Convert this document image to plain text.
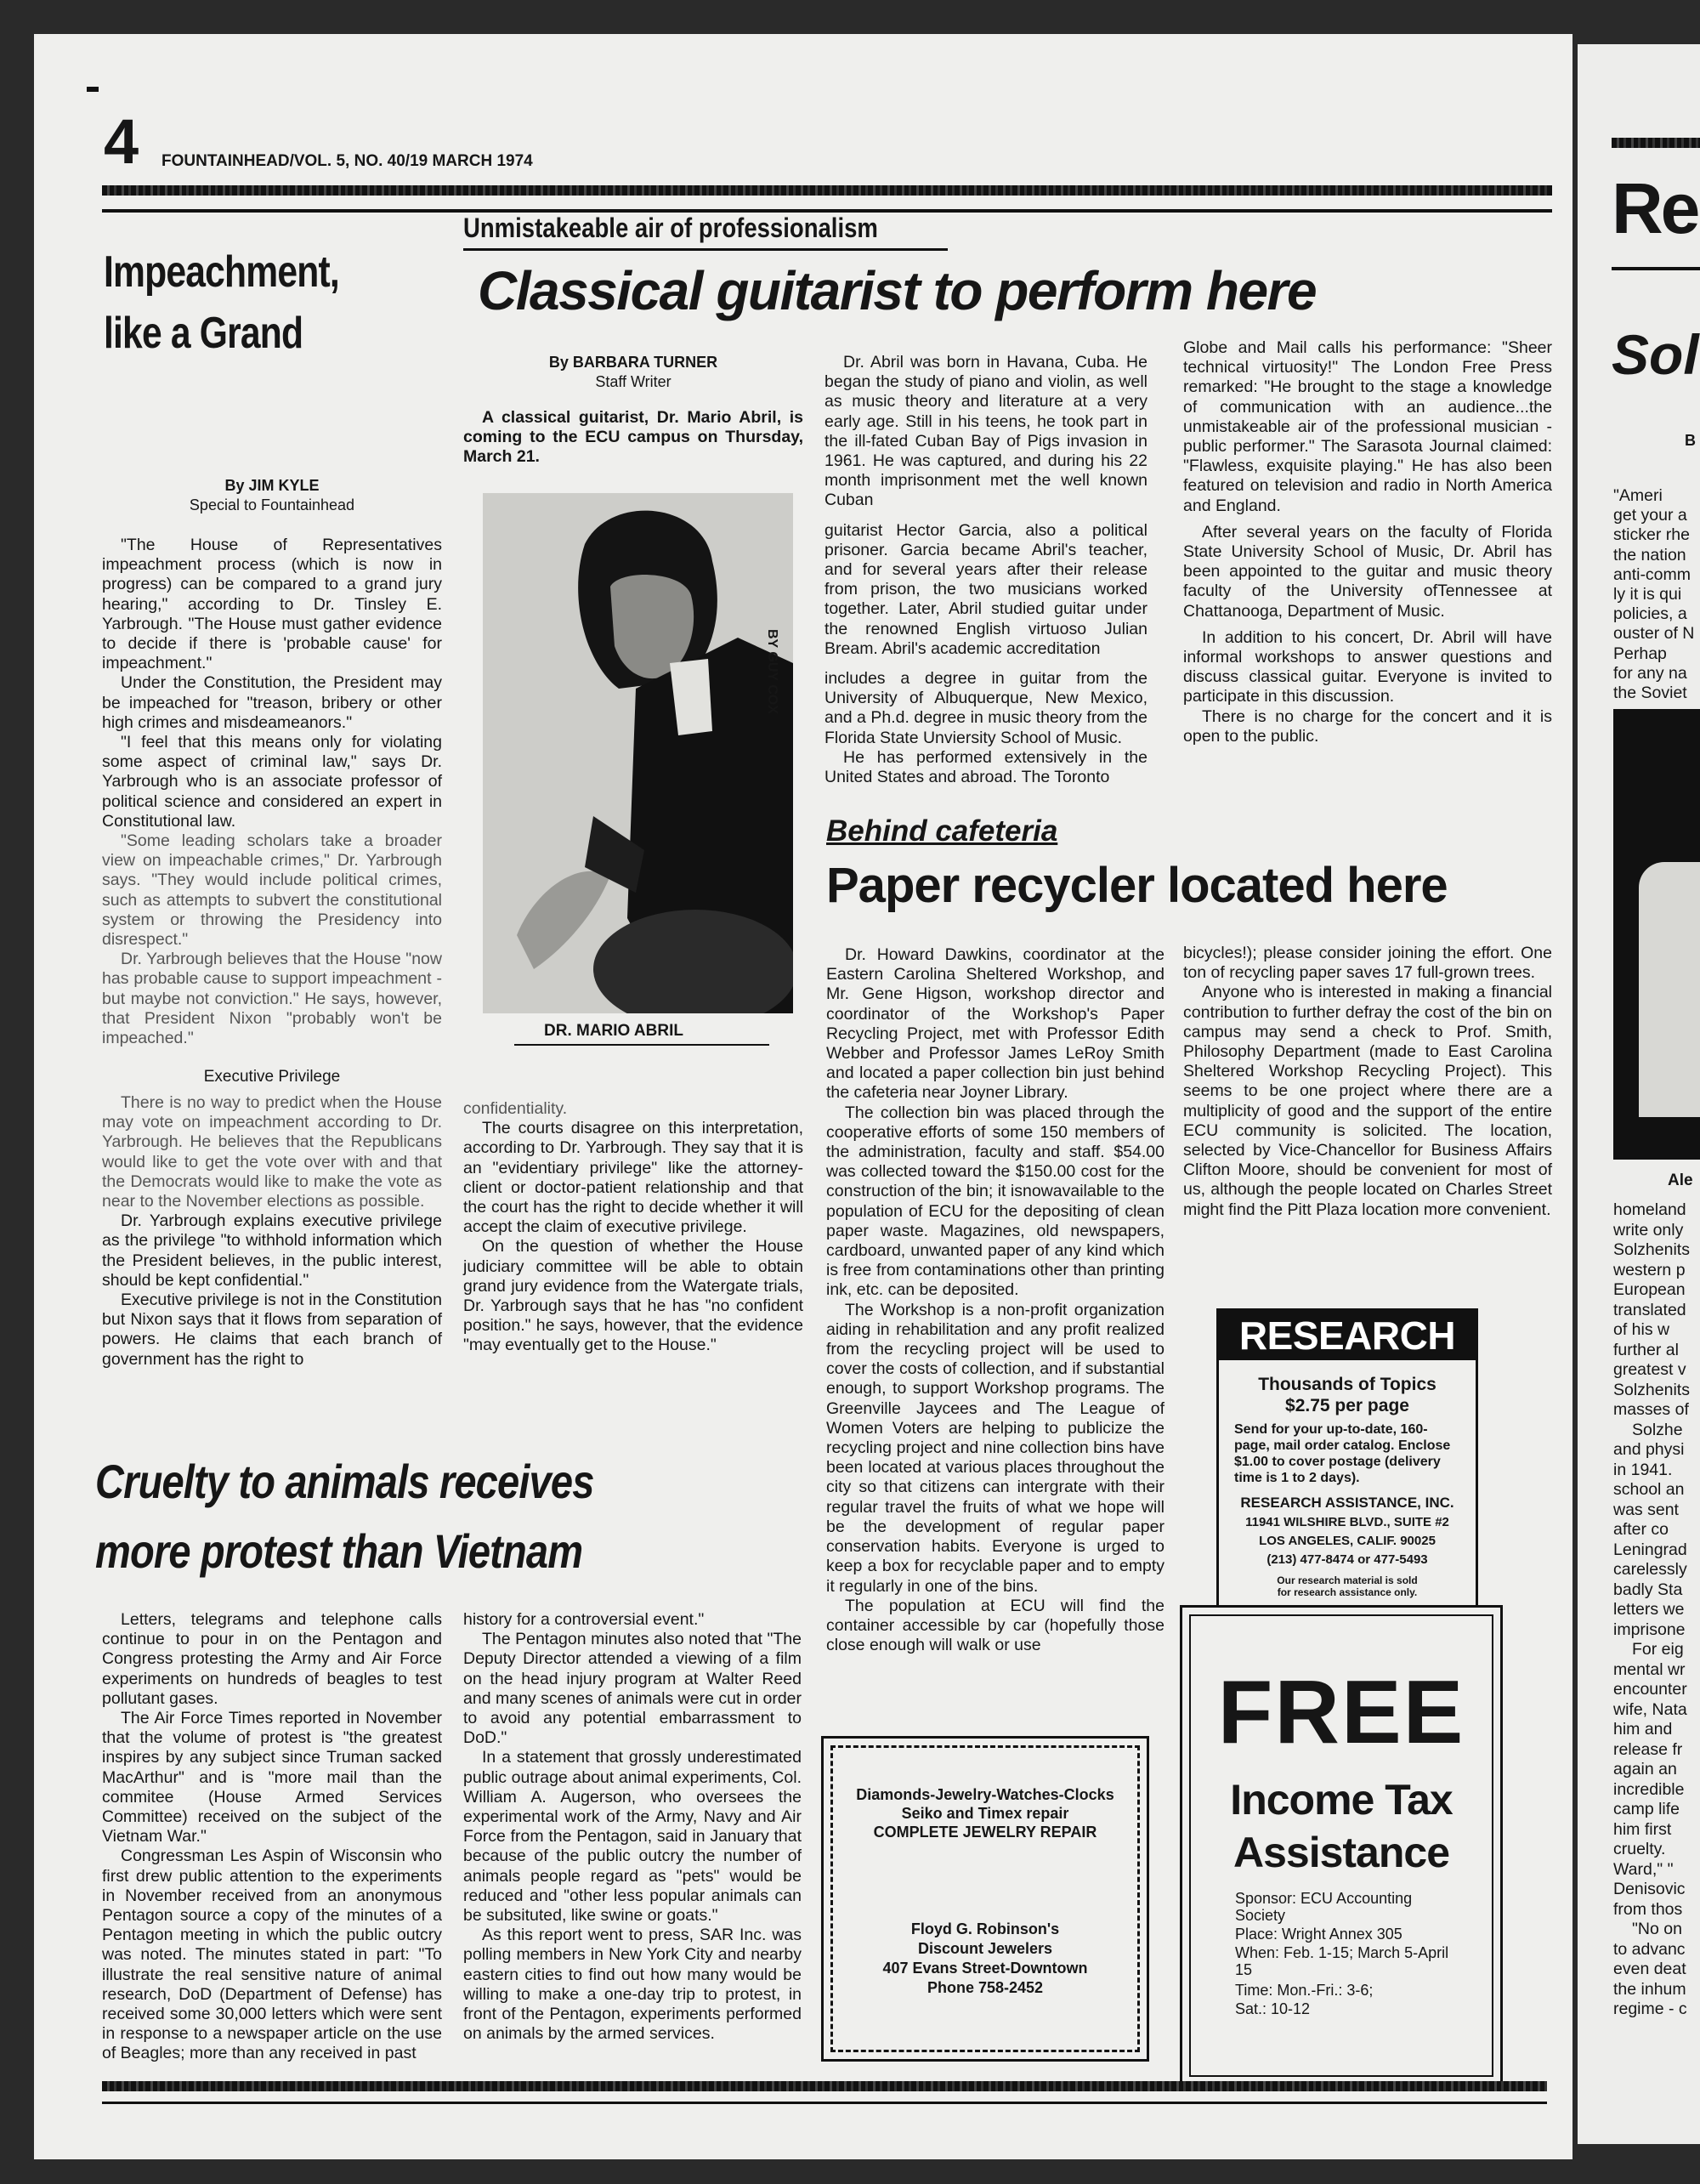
4 FOUNTAINHEAD/VOL. 5, NO. 40/19 MARCH 1974
Impeachment,
like a Grand
By JIM KYLE
Special to Fountainhead

"The House of Representatives impeachment process (which is now in progress) can be compared to a grand jury hearing," according to Dr. Tinsley E. Yarbrough. "The House must gather evidence to decide if there is 'probable cause' for impeachment."

Under the Constitution, the President may be impeached for "treason, bribery or other high crimes and misdeameanors."

"I feel that this means only for violating some aspect of criminal law," says Dr. Yarbrough who is an associate professor of political science and considered an expert in Constitutional law.

"Some leading scholars take a broader view on impeachable crimes," Dr. Yarbrough says. "They would include political crimes, such as attempts to subvert the constitutional system or throwing the Presidency into disrespect."

Dr. Yarbrough believes that the House "now has probable cause to support impeachment - but maybe not conviction." He says, however, that President Nixon "probably won't be impeached."

Executive Privilege

There is no way to predict when the House may vote on impeachment according to Dr. Yarbrough. He believes that the Republicans would like to get the vote over with and that the Democrats would like to make the vote as near to the November elections as possible.

Dr. Yarbrough explains executive privilege as the privilege "to withhold information which the President believes, in the public interest, should be kept confidential."

Executive privilege is not in the Constitution but Nixon says that it flows from separation of powers. He claims that each branch of government has the right to

confidentiality.

The courts disagree on this interpretation, according to Dr. Yarbrough. They say that it is an "evidentiary privilege" like the attorney-client or doctor-patient relationship and that the court has the right to decide whether it will accept the claim of executive privilege.

On the question of whether the House judiciary committee will be able to obtain grand jury evidence from the Watergate trials, Dr. Yarbrough says that he has "no confident position." he says, however, that the evidence "may eventually get to the House."

Unmistakeable air of professionalism
Classical guitarist to perform here
By BARBARA TURNER
Staff Writer

A classical guitarist, Dr. Mario Abril, is coming to the ECU campus on Thursday, March 21.

BY GUY COX
DR. MARIO ABRIL

Dr. Abril was born in Havana, Cuba. He began the study of piano and violin, as well as music theory and literature at a very early age. Still in his teens, he took part in the ill-fated Cuban Bay of Pigs invasion in 1961. He was captured, and during his 22 month imprisonment met the well known Cuban

guitarist Hector Garcia, also a political prisoner. Garcia became Abril's teacher, and for several years after their release from prison, the two musicians worked together. Later, Abril studied guitar under the renowned English virtuoso Julian Bream. Abril's academic accreditation

includes a degree in guitar from the University of Albuquerque, New Mexico, and a Ph.d. degree in music theory from the Florida State Unviersity School of Music.

He has performed extensively in the United States and abroad. The Toronto

Globe and Mail calls his performance: "Sheer technical virtuosity!" The London Free Press remarked: "He brought to the stage a knowledge of communication with an audience...the unmistakeable air of the professional musician - public performer." The Sarasota Journal claimed: "Flawless, exquisite playing." He has also been featured on television and radio in North America and England.

After several years on the faculty of Florida State University School of Music, Dr. Abril has been appointed to the guitar and music theory faculty of the University ofTennessee at Chattanooga, Department of Music.

In addition to his concert, Dr. Abril will have informal workshops to answer questions and discuss classical guitar. Everyone is invited to participate in this discussion.

There is no charge for the concert and it is open to the public.

Behind cafeteria
Paper recycler located here

Dr. Howard Dawkins, coordinator at the Eastern Carolina Sheltered Workshop, and Mr. Gene Higson, workshop director and coordinator of the Workshop's Paper Recycling Project, met with Professor Edith Webber and Professor James LeRoy Smith and located a paper collection bin just behind the cafeteria near Joyner Library.

The collection bin was placed through the cooperative efforts of some 150 members of the administration, faculty and staff. $54.00 was collected toward the $150.00 cost for the construction of the bin; it isnowavailable to the population of ECU for the depositing of clean paper waste. Magazines, old newspapers, cardboard, unwanted paper of any kind which is free from contaminations other than printing ink, etc. can be deposited.

The Workshop is a non-profit organization aiding in rehabilitation and any profit realized from the recycling project will be used to cover the costs of collection, and if substantial enough, to support Workshop programs. The Greenville Jaycees and The League of Women Voters are helping to publicize the recycling project and nine collection bins have been located at various places throughout the city so that citizens can intergrate with their regular travel the fruits of what we hope will be the development of regular paper conservation habits. Everyone is urged to keep a box for recyclable paper and to empty it regularly in one of the bins.

The population at ECU will find the container accessible by car (hopefully those close enough will walk or use

bicycles!); please consider joining the effort. One ton of recycling paper saves 17 full-grown trees.

Anyone who is interested in making a financial contribution to further defray the cost of the bin on campus may send a check to Prof. Smith, Philosophy Department (made to East Carolina Sheltered Workshop Recycling Project). This seems to be one project where there are a multiplicity of good and the support of the entire ECU community is solicited. The location, selected by Vice-Chancellor for Business Affairs Clifton Moore, should be convenient for most of us, although the people located on Charles Street might find the Pitt Plaza location more convenient.

RESEARCH
Thousands of Topics
$2.75 per page
Send for your up-to-date, 160-page, mail order catalog. Enclose $1.00 to cover postage (delivery time is 1 to 2 days).
RESEARCH ASSISTANCE, INC.
11941 WILSHIRE BLVD., SUITE #2
LOS ANGELES, CALIF. 90025
(213) 477-8474 or 477-5493
Our research material is sold for research assistance only.
Diamonds-Jewelry-Watches-Clocks
Seiko and Timex repair
COMPLETE JEWELRY REPAIR
Floyd G. Robinson's
Discount Jewelers
407 Evans Street-Downtown
Phone 758-2452
FREE
Income Tax
Assistance
Sponsor: ECU Accounting Society
Place: Wright Annex 305
When: Feb. 1-15; March 5-April 15
Time: Mon.-Fri.: 3-6;
Sat.: 10-12
Cruelty to animals receives
more protest than Vietnam

Letters, telegrams and telephone calls continue to pour in on the Pentagon and Congress protesting the Army and Air Force experiments on hundreds of beagles to test pollutant gases.

The Air Force Times reported in November that the volume of protest is "the greatest inspires by any subject since Truman sacked MacArthur" and is "more mail than the commitee (House Armed Services Committee) received on the subject of the Vietnam War."

Congressman Les Aspin of Wisconsin who first drew public attention to the experiments in November received from an anonymous Pentagon source a copy of the minutes of a Pentagon meeting in which the public outcry was noted. The minutes stated in part: "To illustrate the real sensitive nature of animal research, DoD (Department of Defense) has received some 30,000 letters which were sent in response to a newspaper article on the use of Beagles; more than any received in past

history for a controversial event."

The Pentagon minutes also noted that "The Deputy Director attended a viewing of a film on the head injury program at Walter Reed and many scenes of animals were cut in order to avoid any potential embarrassment to DoD."

In a statement that grossly underestimated public outrage about animal experiments, Col. William A. Augerson, who oversees the experimental work of the Army, Navy and Air Force from the Pentagon, said in January that because of the public outcry the number of animals people regard as "pets" would be reduced and "other less popular animals can be subsituted, like swine or goats."

As this report went to press, SAR Inc. was polling members in New York City and nearby eastern cities to find out how many would be willing to make a one-day trip to protest, in front of the Pentagon, experiments performed on animals by the armed services.

Re
Sol
B
"Ameri
get your a
sticker rhe
the nation
anti-comm
ly it is qui
policies, a
ouster of N
Perhap
for any na
the Soviet
Ale
homeland
write only
Solzhenits
western p
European
translated
of his w
further al
greatest v
Solzhenits
masses of
Solzhe
and physi
in 1941.
school an
was sent
after co
Leningrad
carelessly
badly Sta
letters we
imprisone
For eig
mental wr
encounter
wife, Nata
him and
release fr
again an
incredible
camp life
him first
cruelty.
Ward," "
Denisovic
from thos
"No on
to advanc
even deat
the inhum
regime - c
